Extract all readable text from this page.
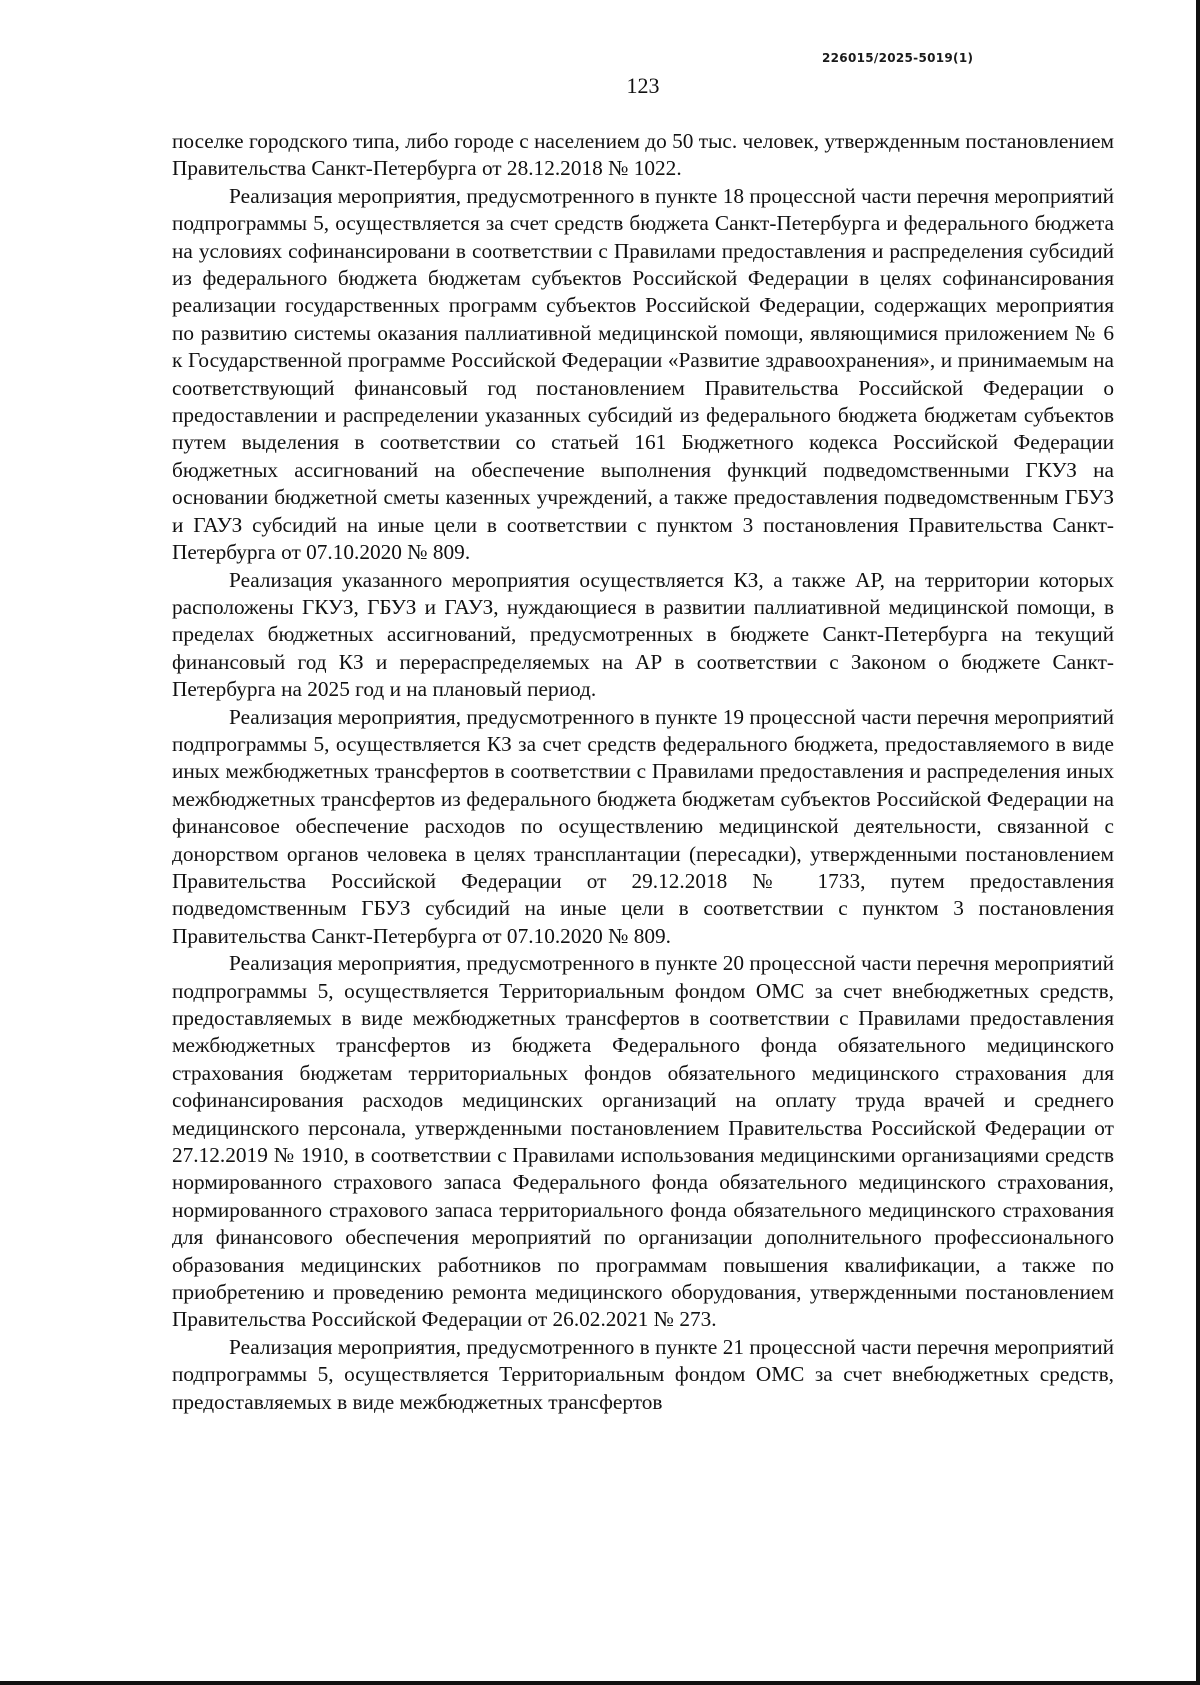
226015/2025-5019(1)
123

поселке городского типа, либо городе с населением до 50 тыс. человек, утвержденным постановлением Правительства Санкт-Петербурга от 28.12.2018 № 1022.

Реализация мероприятия, предусмотренного в пункте 18 процессной части перечня мероприятий подпрограммы 5, осуществляется за счет средств бюджета Санкт-Петербурга и федерального бюджета на условиях софинансировани в соответствии с Правилами предоставления и распределения субсидий из федерального бюджета бюджетам субъектов Российской Федерации в целях софинансирования реализации государственных программ субъектов Российской Федерации, содержащих мероприятия по развитию системы оказания паллиативной медицинской помощи, являющимися приложением № 6 к Государственной программе Российской Федерации «Развитие здравоохранения», и принимаемым на соответствующий финансовый год постановлением Правительства Российской Федерации о предоставлении и распределении указанных субсидий из федерального бюджета бюджетам субъектов путем выделения в соответствии со статьей 161 Бюджетного кодекса Российской Федерации бюджетных ассигнований на обеспечение выполнения функций подведомственными ГКУЗ на основании бюджетной сметы казенных учреждений, а также предоставления подведомственным ГБУЗ и ГАУЗ субсидий на иные цели в соответствии с пунктом 3 постановления Правительства Санкт-Петербурга от 07.10.2020 № 809.

Реализация указанного мероприятия осуществляется КЗ, а также АР, на территории которых расположены ГКУЗ, ГБУЗ и ГАУЗ, нуждающиеся в развитии паллиативной медицинской помощи, в пределах бюджетных ассигнований, предусмотренных в бюджете Санкт-Петербурга на текущий финансовый год КЗ и перераспределяемых на АР в соответствии с Законом о бюджете Санкт-Петербурга на 2025 год и на плановый период.

Реализация мероприятия, предусмотренного в пункте 19 процессной части перечня мероприятий подпрограммы 5, осуществляется КЗ за счет средств федерального бюджета, предоставляемого в виде иных межбюджетных трансфертов в соответствии с Правилами предоставления и распределения иных межбюджетных трансфертов из федерального бюджета бюджетам субъектов Российской Федерации на финансовое обеспечение расходов по осуществлению медицинской деятельности, связанной с донорством органов человека в целях трансплантации (пересадки), утвержденными постановлением Правительства Российской Федерации от 29.12.2018 № 1733, путем предоставления подведомственным ГБУЗ субсидий на иные цели в соответствии с пунктом 3 постановления Правительства Санкт-Петербурга от 07.10.2020 № 809.

Реализация мероприятия, предусмотренного в пункте 20 процессной части перечня мероприятий подпрограммы 5, осуществляется Территориальным фондом ОМС за счет внебюджетных средств, предоставляемых в виде межбюджетных трансфертов в соответствии с Правилами предоставления межбюджетных трансфертов из бюджета Федерального фонда обязательного медицинского страхования бюджетам территориальных фондов обязательного медицинского страхования для софинансирования расходов медицинских организаций на оплату труда врачей и среднего медицинского персонала, утвержденными постановлением Правительства Российской Федерации от 27.12.2019 № 1910, в соответствии с Правилами использования медицинскими организациями средств нормированного страхового запаса Федерального фонда обязательного медицинского страхования, нормированного страхового запаса территориального фонда обязательного медицинского страхования для финансового обеспечения мероприятий по организации дополнительного профессионального образования медицинских работников по программам повышения квалификации, а также по приобретению и проведению ремонта медицинского оборудования, утвержденными постановлением Правительства Российской Федерации от 26.02.2021 № 273.

Реализация мероприятия, предусмотренного в пункте 21 процессной части перечня мероприятий подпрограммы 5, осуществляется Территориальным фондом ОМС за счет внебюджетных средств, предоставляемых в виде межбюджетных трансфертов
